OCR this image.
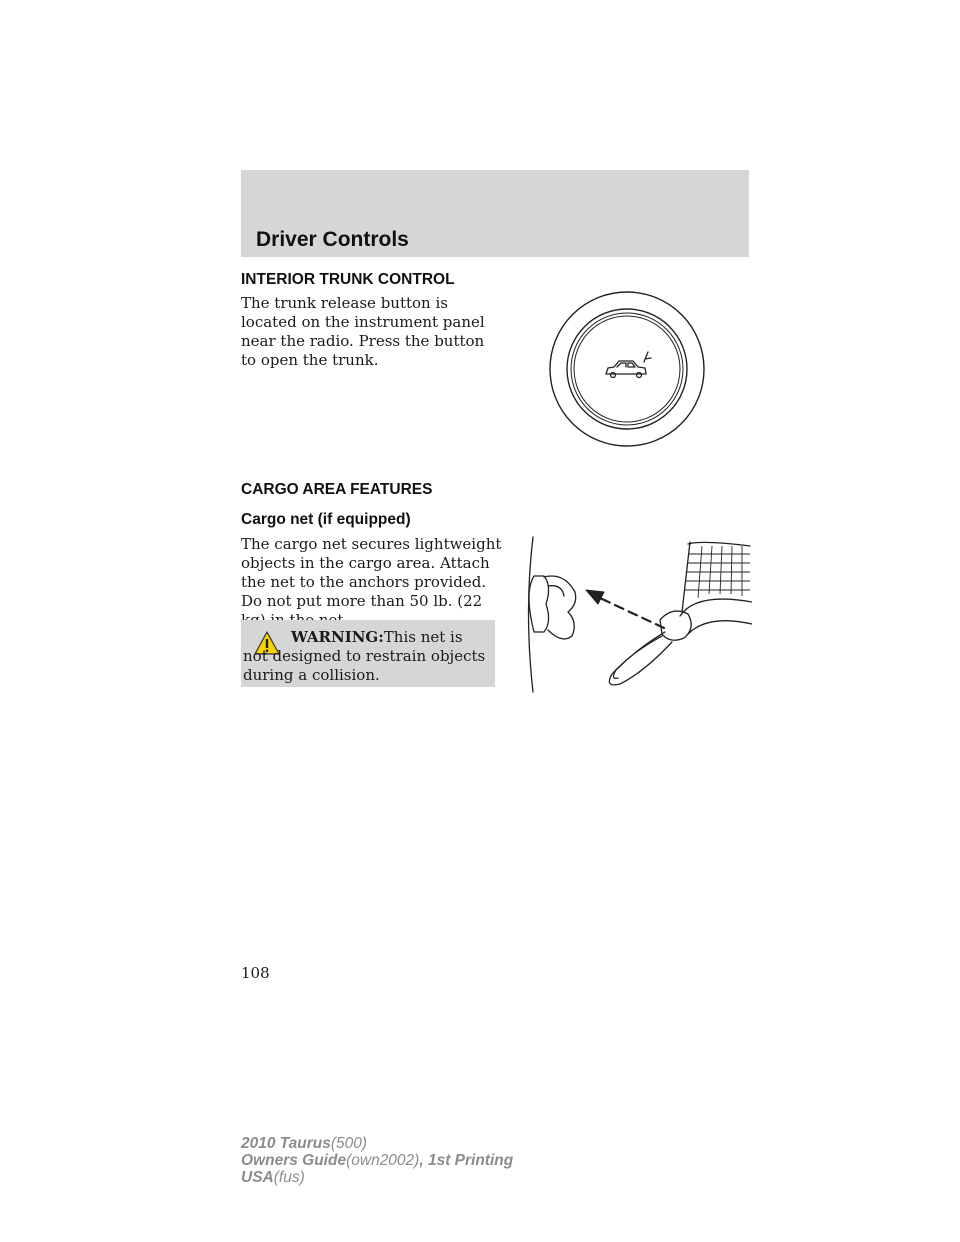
Driver Controls
INTERIOR TRUNK CONTROL

The trunk release button is located on the instrument panel near the radio. Press the button to open the trunk.

CARGO AREA FEATURES
Cargo net (if equipped)

The cargo net secures lightweight objects in the cargo area. Attach the net to the anchors provided. Do not put more than 50 lb. (22

WARNING:This net is not designed to restrain objects during a collision.

108

2010 Taurus(500)
Owners Guide(own2002), 1st Printing
USA(fus)
